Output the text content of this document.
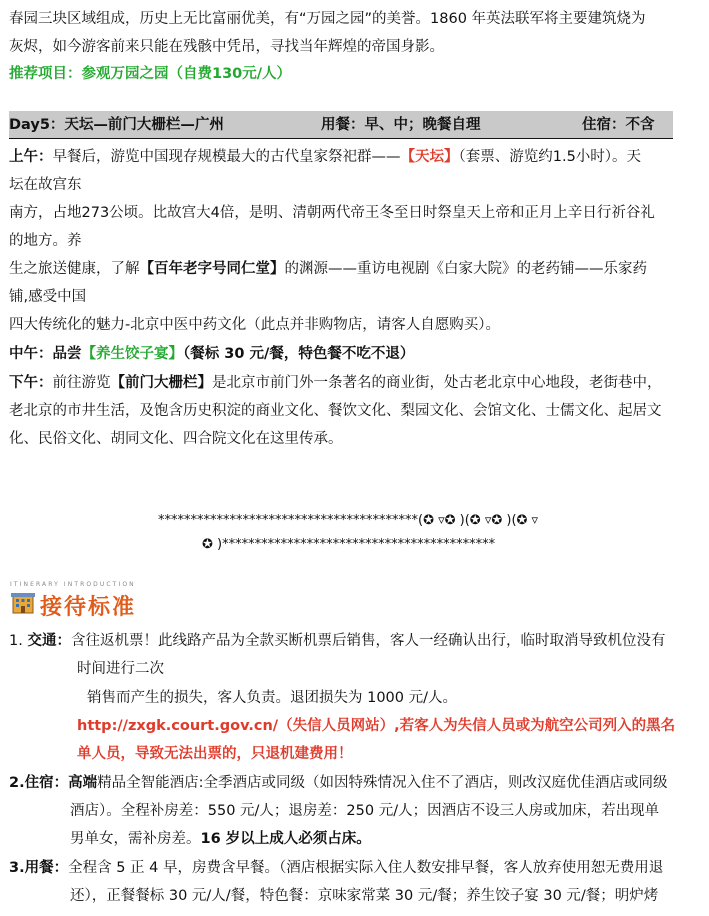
春园三块区域组成，历史上无比富丽优美，有“万园之园”的美誉。1860 年英法联军将主要建筑烧为

灰烬，如今游客前来只能在残骸中凭吊，寻找当年辉煌的帝国身影。

推荐项目：参观万园之园（自费130元/人）

Day5：天坛—前门大栅栏—广州	用餐：早、中；晚餐自理	住宿：不含

上午：早餐后，游览中国现存规模最大的古代皇家祭祀群——【天坛】（套票、游览约1.5小时）。天

坛在故宫东

南方，占地273公顷。比故宫大4倍，是明、清朝两代帝王冬至日时祭皇天上帝和正月上辛日行祈谷礼

的地方。养

生之旅送健康，了解【百年老字号同仁堂】的渊源——重访电视剧《白家大院》的老药铺——乐家药

铺,感受中国

四大传统化的魅力-北京中医中药文化（此点并非购物店，请客人自愿购买）。

中午：品尝【养生饺子宴】（餐标 30 元/餐，特色餐不吃不退）

下午：前往游览【前门大栅栏】是北京市前门外一条著名的商业街，处古老北京中心地段，老街巷中，

老北京的市井生活，及饱含历史积淀的商业文化、餐饮文化、梨园文化、会馆文化、士儒文化、起居文

化、民俗文化、胡同文化、四合院文化在这里传承。

****************************************(✪ ▿✪ )(✪ ▿✪ )(✪ ▿
✪ )******************************************
ITINERARY INTRODUCTION
接待标准

1. 交通：含往返机票！此线路产品为全款买断机票后销售，客人一经确认出行，临时取消导致机位没有

时间进行二次

销售而产生的损失，客人负责。退团损失为 1000 元/人。

http://zxgk.court.gov.cn/（失信人员网站）,若客人为失信人员或为航空公司列入的黑名

单人员，导致无法出票的，只退机建费用！

2.住宿：高端精品全智能酒店:全季酒店或同级（如因特殊情况入住不了酒店，则改汉庭优佳酒店或同级

酒店）。全程补房差：550 元/人；退房差：250 元/人；因酒店不设三人房或加床，若出现单

男单女，需补房差。16 岁以上成人必须占床。

3.用餐：全程含 5 正 4 早，房费含早餐。（酒店根据实际入住人数安排早餐，客人放弃使用恕无费用退

还），正餐餐标 30 元/人/餐，特色餐：京味家常菜 30 元/餐；养生饺子宴 30 元/餐；明炉烤
